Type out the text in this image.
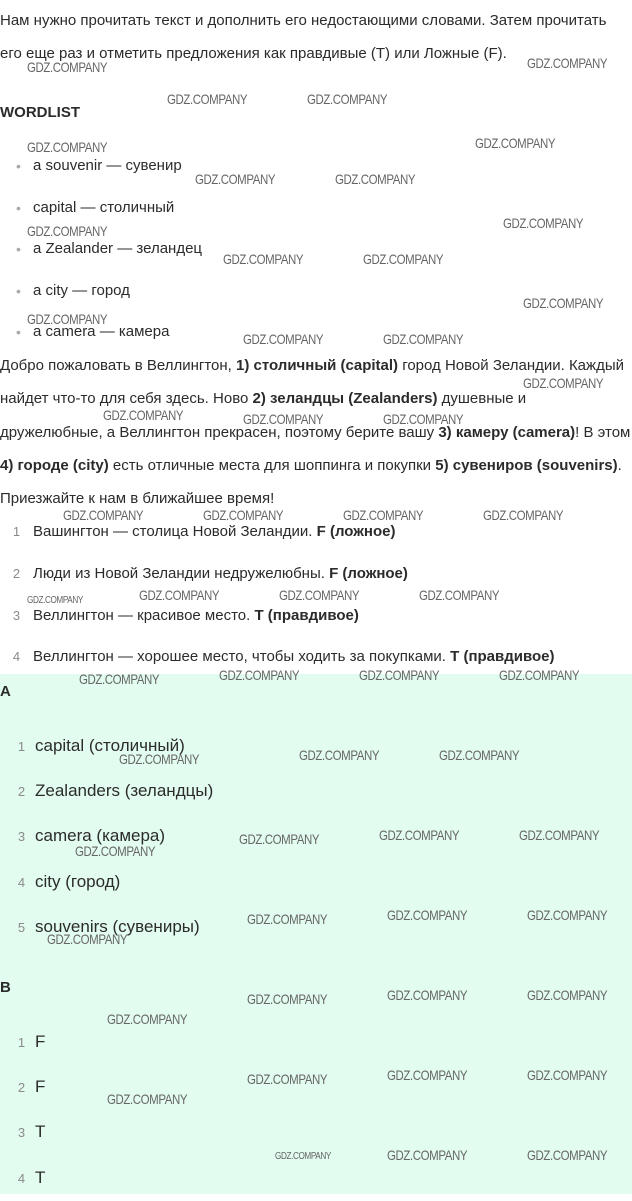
Нам нужно прочитать текст и дополнить его недостающими словами. Затем прочитать его еще раз и отметить предложения как правдивые (T) или Ложные (F).

WORDLIST
• a souvenir — сувенир
• capital — столичный
• a Zealander — зеландец
• a city — город
• a camera — камера

Добро пожаловать в Веллингтон, 1) столичный (capital) город Новой Зеландии. Каждый найдет что-то для себя здесь. Ново 2) зеландцы (Zealanders) душевные и дружелюбные, а Веллингтон прекрасен, поэтому берите вашу 3) камеру (camera)! В этом 4) городе (city) есть отличные места для шоппинга и покупки 5) сувениров (souvenirs). Приезжайте к нам в ближайшее время!

1 Вашингтон — столица Новой Зеландии. F (ложное)
2 Люди из Новой Зеландии недружелюбны. F (ложное)
3 Веллингтон — красивое место. T (правдивое)
4 Веллингтон — хорошее место, чтобы ходить за покупками. T (правдивое)
A
1 capital (столичный)
2 Zealanders (зеландцы)
3 camera (камера)
4 city (город)
5 souvenirs (сувениры)
B
1 F
2 F
3 T
4 T
GDZ.COMPANY	GDZ.COMPANY
GDZ.COMPANY	GDZ.COMPANY
GDZ.COMPANY	GDZ.COMPANY
GDZ.COMPANY	GDZ.COMPANY
GDZ.COMPANY
GDZ.COMPANY
GDZ.COMPANY	GDZ.COMPANY
GDZ.COMPANY
GDZ.COMPANY
GDZ.COMPANY	GDZ.COMPANY
GDZ.COMPANY
GDZ.COMPANY	GDZ.COMPANY	GDZ.COMPANY
GDZ.COMPANY	GDZ.COMPANY	GDZ.COMPANY	GDZ.COMPANY
GDZ.COMPANY	GDZ.COMPANY	GDZ.COMPANY	GDZ.COMPANY
GDZ.COMPANY	GDZ.COMPANY	GDZ.COMPANY	GDZ.COMPANY
GDZ.COMPANY	GDZ.COMPANY	GDZ.COMPANY
GDZ.COMPANY	GDZ.COMPANY	GDZ.COMPANY
GDZ.COMPANY
GDZ.COMPANY	GDZ.COMPANY	GDZ.COMPANY
GDZ.COMPANY
GDZ.COMPANY	GDZ.COMPANY	GDZ.COMPANY
GDZ.COMPANY
GDZ.COMPANY	GDZ.COMPANY	GDZ.COMPANY
GDZ.COMPANY
GDZ.COMPANY	GDZ.COMPANY	GDZ.COMPANY
